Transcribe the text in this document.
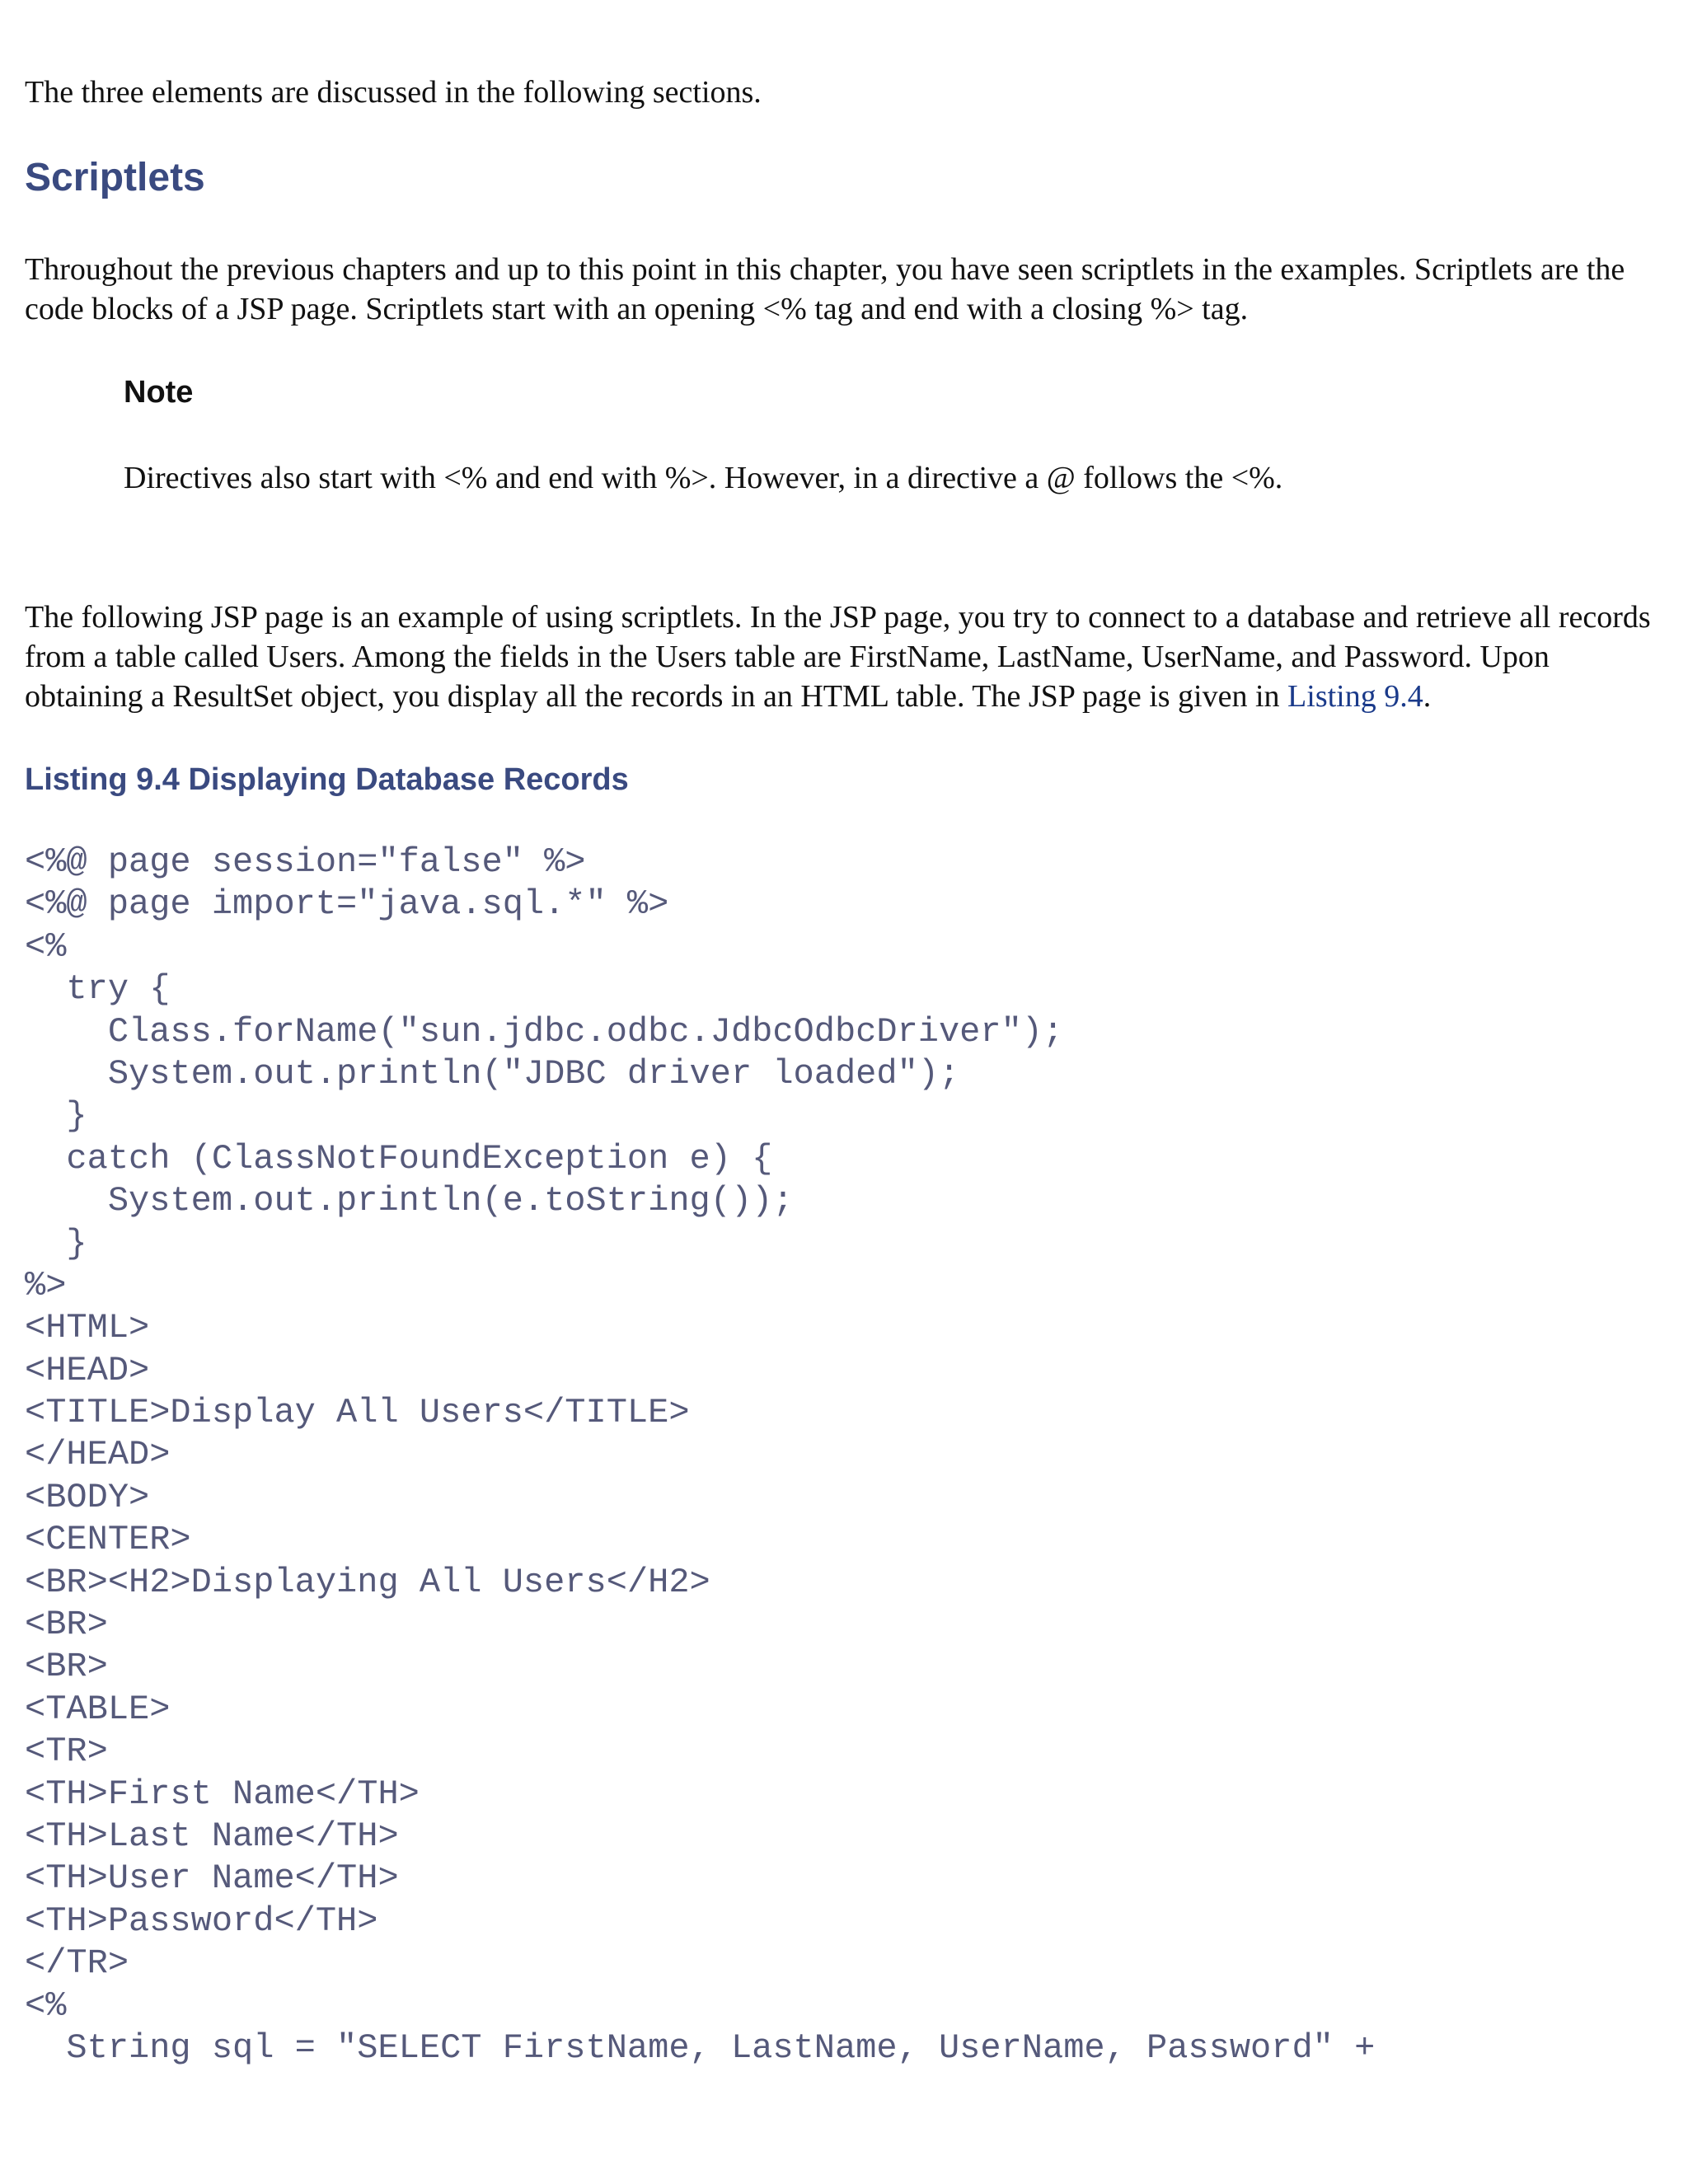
The three elements are discussed in the following sections.

Scriptlets

Throughout the previous chapters and up to this point in this chapter, you have seen scriptlets in the examples. Scriptlets are the code blocks of a JSP page. Scriptlets start with an opening <% tag and end with a closing %> tag.

Note

Directives also start with <% and end with %>. However, in a directive a @ follows the <%.

The following JSP page is an example of using scriptlets. In the JSP page, you try to connect to a database and retrieve all records from a table called Users. Among the fields in the Users table are FirstName, LastName, UserName, and Password. Upon obtaining a ResultSet object, you display all the records in an HTML table. The JSP page is given in Listing 9.4.

Listing 9.4 Displaying Database Records
<%@ page session="false" %>
<%@ page import="java.sql.*" %>
<%
try {
Class.forName("sun.jdbc.odbc.JdbcOdbcDriver");
System.out.println("JDBC driver loaded");
}
catch (ClassNotFoundException e) {
System.out.println(e.toString());
}
%>
<HTML>
<HEAD>
<TITLE>Display All Users</TITLE>
</HEAD>
<BODY>
<CENTER>
<BR><H2>Displaying All Users</H2>
<BR>
<BR>
<TABLE>
<TR>
<TH>First Name</TH>
<TH>Last Name</TH>
<TH>User Name</TH>
<TH>Password</TH>
</TR>
<%
String sql = "SELECT FirstName, LastName, UserName, Password" +
